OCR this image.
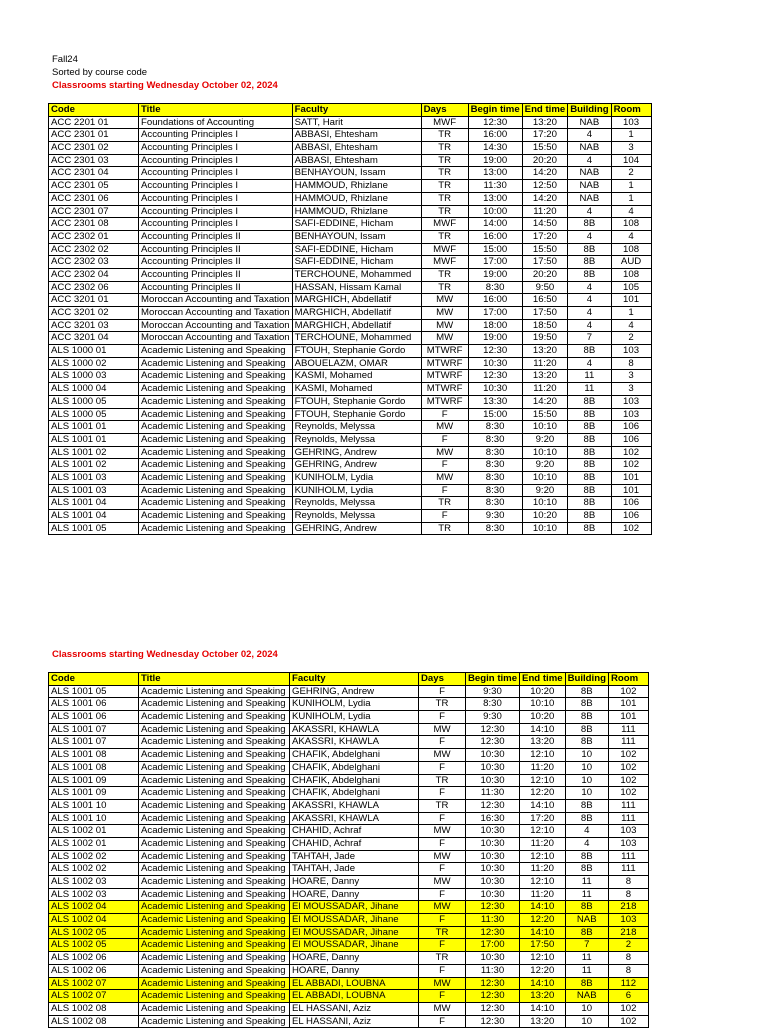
Fall24
Sorted by course code
Classrooms starting Wednesday October 02, 2024
Code	Title	Faculty	Days	Begin time	End time	Building	Room
ACC 2201 01	Foundations of Accounting	SATT, Harit	MWF	12:30	13:20	NAB	103
ACC 2301 01	Accounting Principles I	ABBASI, Ehtesham	TR	16:00	17:20	4	1
ACC 2301 02	Accounting Principles I	ABBASI, Ehtesham	TR	14:30	15:50	NAB	3
ACC 2301 03	Accounting Principles I	ABBASI, Ehtesham	TR	19:00	20:20	4	104
ACC 2301 04	Accounting Principles I	BENHAYOUN, Issam	TR	13:00	14:20	NAB	2
ACC 2301 05	Accounting Principles I	HAMMOUD, Rhizlane	TR	11:30	12:50	NAB	1
ACC 2301 06	Accounting Principles I	HAMMOUD, Rhizlane	TR	13:00	14:20	NAB	1
ACC 2301 07	Accounting Principles I	HAMMOUD, Rhizlane	TR	10:00	11:20	4	4
ACC 2301 08	Accounting Principles I	SAFI-EDDINE, Hicham	MWF	14:00	14:50	8B	108
ACC 2302 01	Accounting Principles II	BENHAYOUN, Issam	TR	16:00	17:20	4	4
ACC 2302 02	Accounting Principles II	SAFI-EDDINE, Hicham	MWF	15:00	15:50	8B	108
ACC 2302 03	Accounting Principles II	SAFI-EDDINE, Hicham	MWF	17:00	17:50	8B	AUD
ACC 2302 04	Accounting Principles II	TERCHOUNE, Mohammed	TR	19:00	20:20	8B	108
ACC 2302 06	Accounting Principles II	HASSAN, Hissam Kamal	TR	8:30	9:50	4	105
ACC 3201 01	Moroccan Accounting and Taxation	MARGHICH, Abdellatif	MW	16:00	16:50	4	101
ACC 3201 02	Moroccan Accounting and Taxation	MARGHICH, Abdellatif	MW	17:00	17:50	4	1
ACC 3201 03	Moroccan Accounting and Taxation	MARGHICH, Abdellatif	MW	18:00	18:50	4	4
ACC 3201 04	Moroccan Accounting and Taxation	TERCHOUNE, Mohammed	MW	19:00	19:50	7	2
ALS 1000 01	Academic Listening and Speaking	FTOUH, Stephanie Gordo	MTWRF	12:30	13:20	8B	103
ALS 1000 02	Academic Listening and Speaking	ABOUELAZM, OMAR	MTWRF	10:30	11:20	4	8
ALS 1000 03	Academic Listening and Speaking	KASMI, Mohamed	MTWRF	12:30	13:20	11	3
ALS 1000 04	Academic Listening and Speaking	KASMI, Mohamed	MTWRF	10:30	11:20	11	3
ALS 1000 05	Academic Listening and Speaking	FTOUH, Stephanie Gordo	MTWRF	13:30	14:20	8B	103
ALS 1000 05	Academic Listening and Speaking	FTOUH, Stephanie Gordo	F	15:00	15:50	8B	103
ALS 1001 01	Academic Listening and Speaking	Reynolds, Melyssa	MW	8:30	10:10	8B	106
ALS 1001 01	Academic Listening and Speaking	Reynolds, Melyssa	F	8:30	9:20	8B	106
ALS 1001 02	Academic Listening and Speaking	GEHRING, Andrew	MW	8:30	10:10	8B	102
ALS 1001 02	Academic Listening and Speaking	GEHRING, Andrew	F	8:30	9:20	8B	102
ALS 1001 03	Academic Listening and Speaking	KUNIHOLM, Lydia	MW	8:30	10:10	8B	101
ALS 1001 03	Academic Listening and Speaking	KUNIHOLM, Lydia	F	8:30	9:20	8B	101
ALS 1001 04	Academic Listening and Speaking	Reynolds, Melyssa	TR	8:30	10:10	8B	106
ALS 1001 04	Academic Listening and Speaking	Reynolds, Melyssa	F	9:30	10:20	8B	106
ALS 1001 05	Academic Listening and Speaking	GEHRING, Andrew	TR	8:30	10:10	8B	102
Classrooms starting Wednesday October 02, 2024
Code	Title	Faculty	Days	Begin time	End time	Building	Room
ALS 1001 05	Academic Listening and Speaking	GEHRING, Andrew	F	9:30	10:20	8B	102
ALS 1001 06	Academic Listening and Speaking	KUNIHOLM, Lydia	TR	8:30	10:10	8B	101
ALS 1001 06	Academic Listening and Speaking	KUNIHOLM, Lydia	F	9:30	10:20	8B	101
ALS 1001 07	Academic Listening and Speaking	AKASSRI, KHAWLA	MW	12:30	14:10	8B	111
ALS 1001 07	Academic Listening and Speaking	AKASSRI, KHAWLA	F	12:30	13:20	8B	111
ALS 1001 08	Academic Listening and Speaking	CHAFIK, Abdelghani	MW	10:30	12:10	10	102
ALS 1001 08	Academic Listening and Speaking	CHAFIK, Abdelghani	F	10:30	11:20	10	102
ALS 1001 09	Academic Listening and Speaking	CHAFIK, Abdelghani	TR	10:30	12:10	10	102
ALS 1001 09	Academic Listening and Speaking	CHAFIK, Abdelghani	F	11:30	12:20	10	102
ALS 1001 10	Academic Listening and Speaking	AKASSRI, KHAWLA	TR	12:30	14:10	8B	111
ALS 1001 10	Academic Listening and Speaking	AKASSRI, KHAWLA	F	16:30	17:20	8B	111
ALS 1002 01	Academic Listening and Speaking	CHAHID, Achraf	MW	10:30	12:10	4	103
ALS 1002 01	Academic Listening and Speaking	CHAHID, Achraf	F	10:30	11:20	4	103
ALS 1002 02	Academic Listening and Speaking	TAHTAH, Jade	MW	10:30	12:10	8B	111
ALS 1002 02	Academic Listening and Speaking	TAHTAH, Jade	F	10:30	11:20	8B	111
ALS 1002 03	Academic Listening and Speaking	HOARE, Danny	MW	10:30	12:10	11	8
ALS 1002 03	Academic Listening and Speaking	HOARE, Danny	F	10:30	11:20	11	8
ALS 1002 04	Academic Listening and Speaking	El MOUSSADAR, Jihane	MW	12:30	14:10	8B	218
ALS 1002 04	Academic Listening and Speaking	El MOUSSADAR, Jihane	F	11:30	12:20	NAB	103
ALS 1002 05	Academic Listening and Speaking	El MOUSSADAR, Jihane	TR	12:30	14:10	8B	218
ALS 1002 05	Academic Listening and Speaking	El MOUSSADAR, Jihane	F	17:00	17:50	7	2
ALS 1002 06	Academic Listening and Speaking	HOARE, Danny	TR	10:30	12:10	11	8
ALS 1002 06	Academic Listening and Speaking	HOARE, Danny	F	11:30	12:20	11	8
ALS 1002 07	Academic Listening and Speaking	EL ABBADI, LOUBNA	MW	12:30	14:10	8B	112
ALS 1002 07	Academic Listening and Speaking	EL ABBADI, LOUBNA	F	12:30	13:20	NAB	6
ALS 1002 08	Academic Listening and Speaking	EL HASSANI, Aziz	MW	12:30	14:10	10	102
ALS 1002 08	Academic Listening and Speaking	EL HASSANI, Aziz	F	12:30	13:20	10	102
